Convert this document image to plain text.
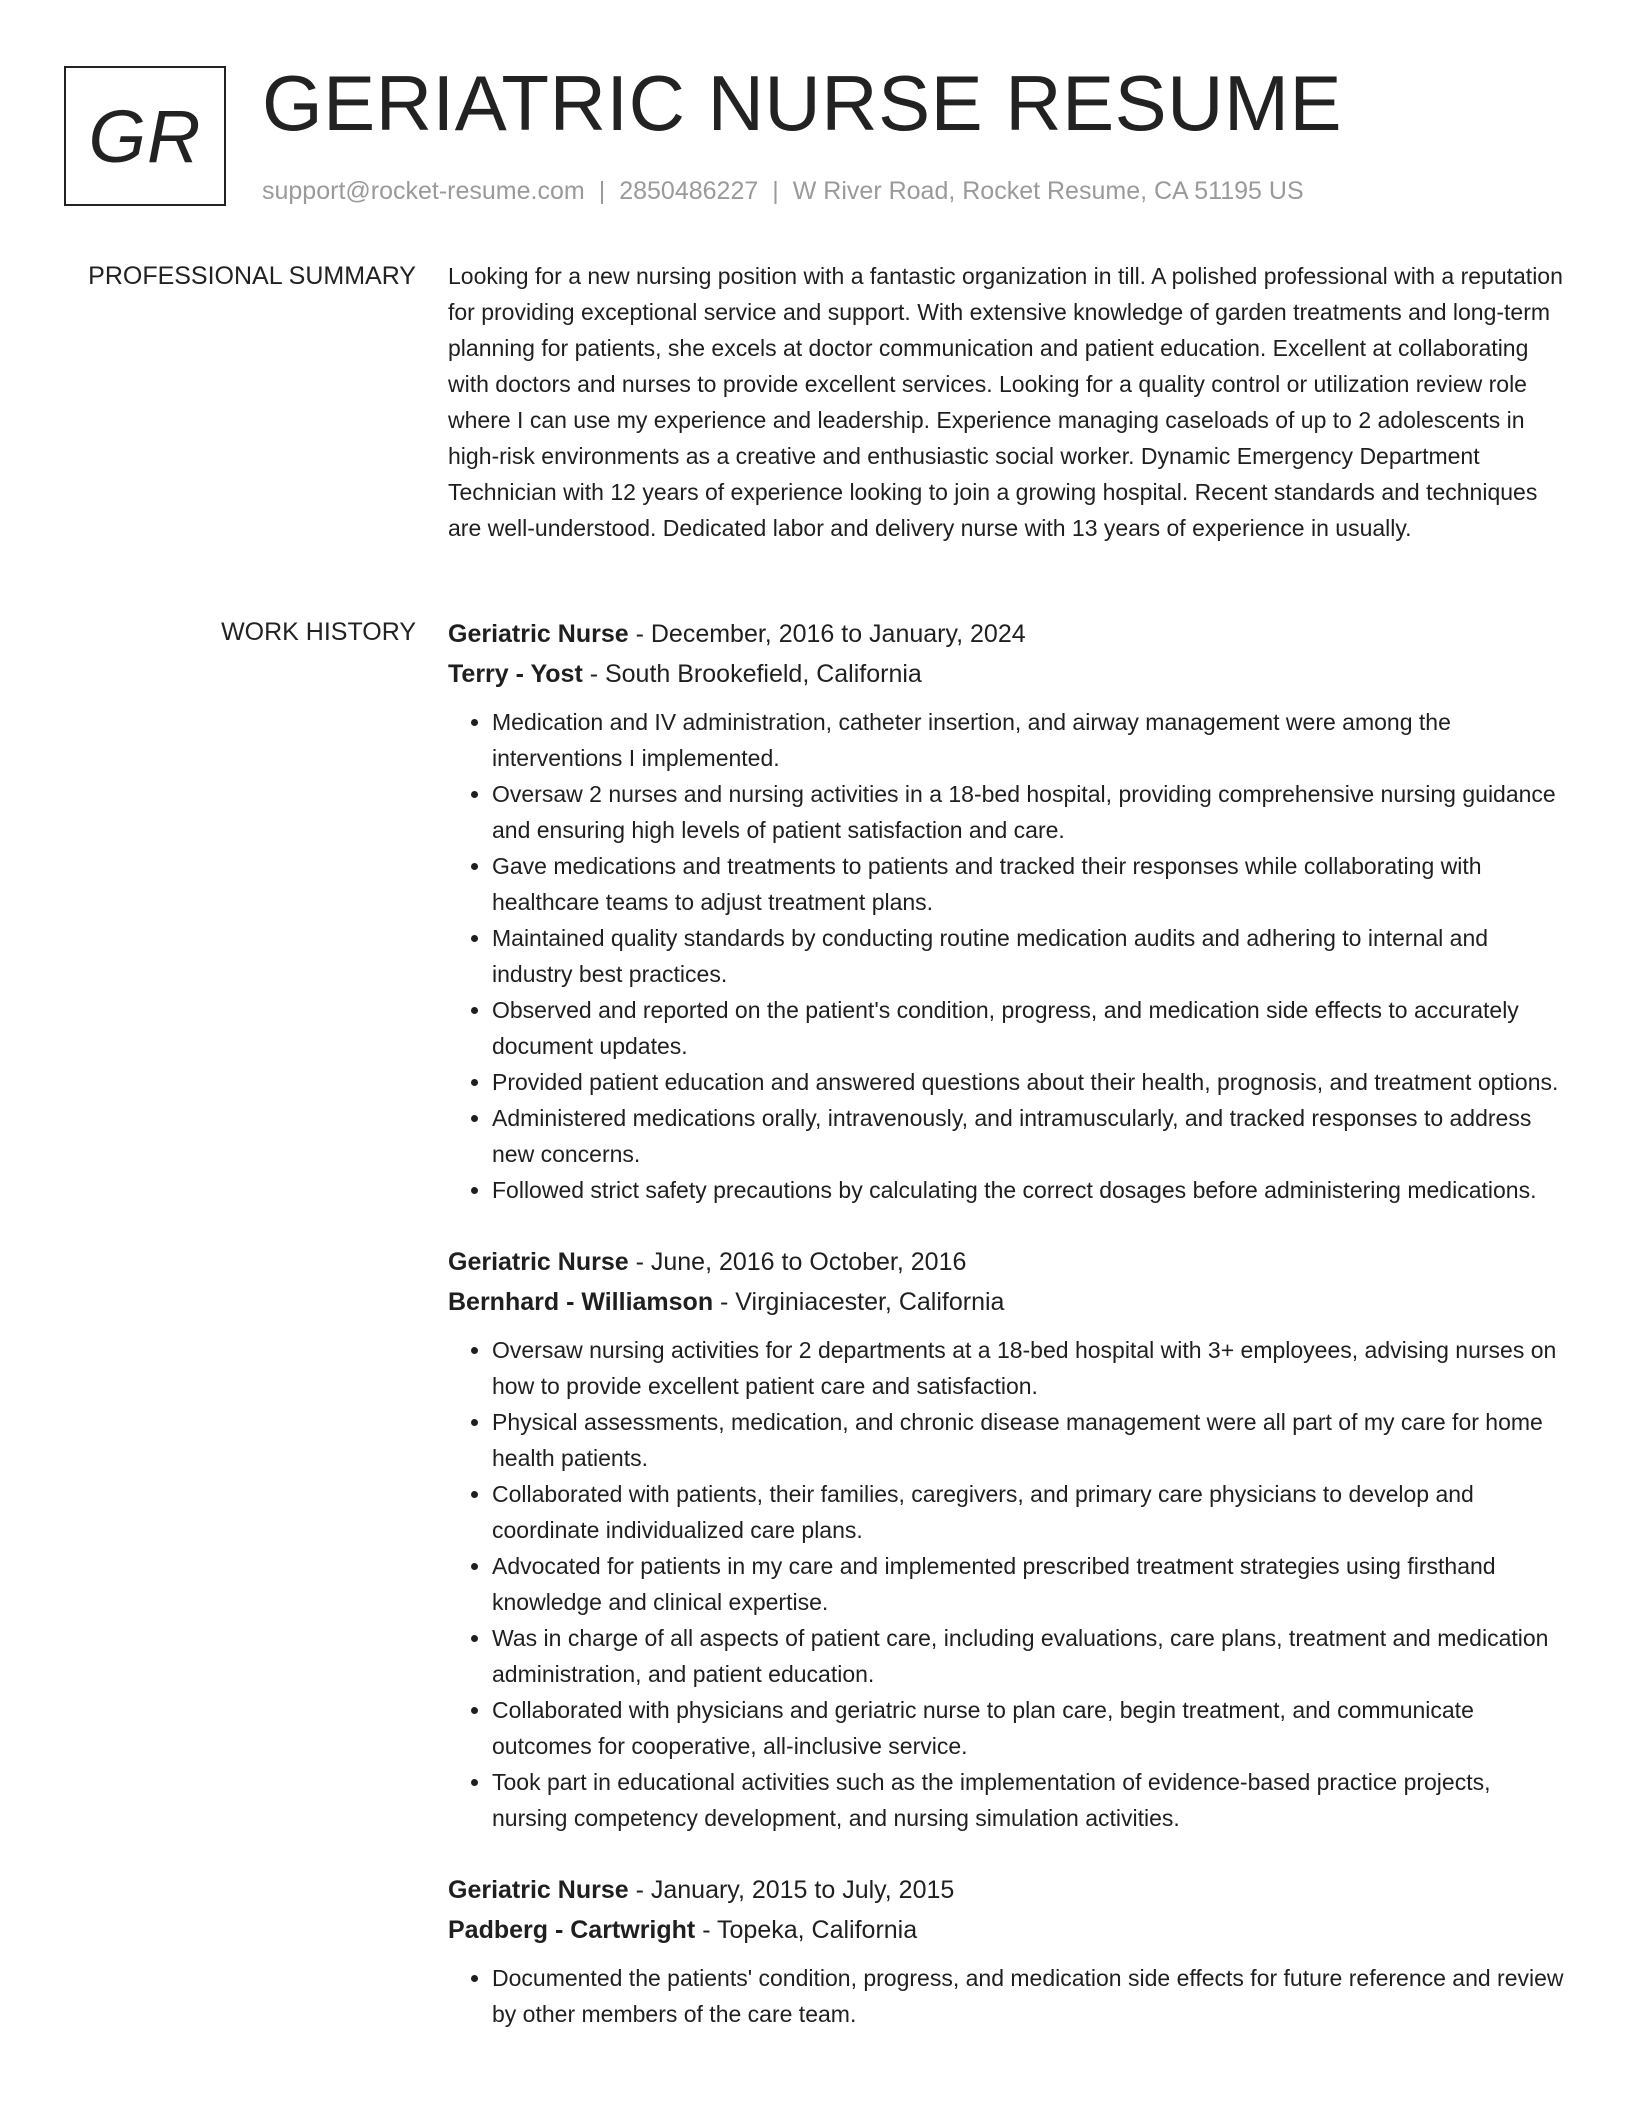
GR GERIATRIC NURSE RESUME
support@rocket-resume.com | 2850486227 | W River Road, Rocket Resume, CA 51195 US
PROFESSIONAL SUMMARY Looking for a new nursing position with a fantastic organization in till. A polished professional with a reputation for providing exceptional service and support. With extensive knowledge of garden treatments and long-term planning for patients, she excels at doctor communication and patient education. Excellent at collaborating with doctors and nurses to provide excellent services. Looking for a quality control or utilization review role where I can use my experience and leadership. Experience managing caseloads of up to 2 adolescents in high-risk environments as a creative and enthusiastic social worker. Dynamic Emergency Department Technician with 12 years of experience looking to join a growing hospital. Recent standards and techniques are well-understood. Dedicated labor and delivery nurse with 13 years of experience in usually.

WORK HISTORY Geriatric Nurse - December, 2016 to January, 2024
Terry - Yost - South Brookefield, California
• Medication and IV administration, catheter insertion, and airway management were among the interventions I implemented.
• Oversaw 2 nurses and nursing activities in a 18-bed hospital, providing comprehensive nursing guidance and ensuring high levels of patient satisfaction and care.
• Gave medications and treatments to patients and tracked their responses while collaborating with healthcare teams to adjust treatment plans.
• Maintained quality standards by conducting routine medication audits and adhering to internal and industry best practices.
• Observed and reported on the patient's condition, progress, and medication side effects to accurately document updates.
• Provided patient education and answered questions about their health, prognosis, and treatment options.
• Administered medications orally, intravenously, and intramuscularly, and tracked responses to address new concerns.
• Followed strict safety precautions by calculating the correct dosages before administering medications.
Geriatric Nurse - June, 2016 to October, 2016
Bernhard - Williamson - Virginiacester, California
• Oversaw nursing activities for 2 departments at a 18-bed hospital with 3+ employees, advising nurses on how to provide excellent patient care and satisfaction.
• Physical assessments, medication, and chronic disease management were all part of my care for home health patients.
• Collaborated with patients, their families, caregivers, and primary care physicians to develop and coordinate individualized care plans.
• Advocated for patients in my care and implemented prescribed treatment strategies using firsthand knowledge and clinical expertise.
• Was in charge of all aspects of patient care, including evaluations, care plans, treatment and medication administration, and patient education.
• Collaborated with physicians and geriatric nurse to plan care, begin treatment, and communicate outcomes for cooperative, all-inclusive service.
• Took part in educational activities such as the implementation of evidence-based practice projects, nursing competency development, and nursing simulation activities.
Geriatric Nurse - January, 2015 to July, 2015
Padberg - Cartwright - Topeka, California
• Documented the patients' condition, progress, and medication side effects for future reference and review by other members of the care team.
